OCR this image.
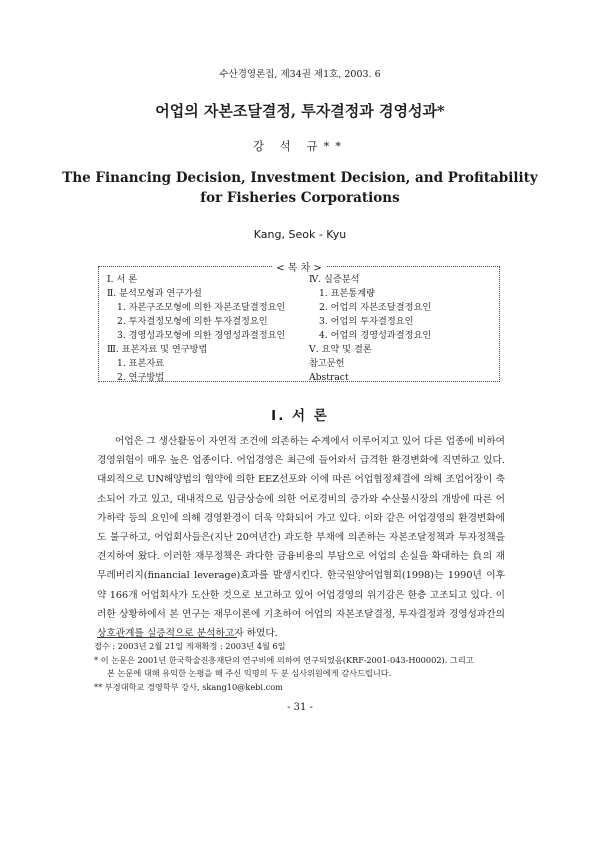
수산경영론집, 제34권 제1호, 2003. 6
어업의 자본조달결정, 투자결정과 경영성과*
강 석 규**
The Financing Decision, Investment Decision, and Profitability
for Fisheries Corporations
Kang, Seok - Kyu
< 목 차 >
Ⅰ. 서 론
Ⅱ. 분석모형과 연구가설
1. 자본구조모형에 의한 자본조달결정요인
2. 투자결정모형에 의한 투자결정요인
3. 경영성과모형에 의한 경영성과결정요인
Ⅲ. 표본자료 및 연구방법
1. 표본자료
2. 연구방법
Ⅳ. 실증분석
1. 표본통계량
2. 어업의 자본조달결정요인
3. 어업의 투자결정요인
4. 어업의 경영성과결정요인
Ⅴ. 요약 및 결론
참고문헌
Abstract
Ⅰ. 서 론
어업은 그 생산활동이 자연적 조건에 의존하는 수계에서 이루어지고 있어 다른 업종에 비하여 경영위험이 매우 높은 업종이다. 어업경영은 최근에 들어와서 급격한 환경변화에 직면하고 있다. 대외적으로 UN해양법의 협약에 의한 EEZ선포와 이에 따른 어업협정체결에 의해 조업어장이 축소되어 가고 있고, 대내적으로 임금상승에 의한 어로경비의 증가와 수산물시장의 개방에 따른 어가하락 등의 요인에 의해 경영환경이 더욱 악화되어 가고 있다. 이와 같은 어업경영의 환경변화에도 불구하고, 어업회사들은(지난 20여년간) 과도한 부채에 의존하는 자본조달정책과 투자정책을 견지하여 왔다. 이러한 재무정책은 과다한 금융비용의 부담으로 어업의 손실을 확대하는 負의 재무레버리지(financial leverage)효과를 발생시킨다. 한국원양어업협회(1998)는 1990년 이후 약 166개 어업회사가 도산한 것으로 보고하고 있어 어업경영의 위기감은 한층 고조되고 있다. 이러한 상황하에서 본 연구는 재무이론에 기초하여 어업의 자본조달결정, 투자결정과 경영성과간의 상호관계를 실증적으로 분석하고자 하였다.
접수 : 2003년 2월 21일 게재확정 : 2003년 4월 6일
* 이 논문은 2001년 한국학술진흥재단의 연구비에 의하여 연구되었음(KRF-2001-043-H00002). 그리고
본 논문에 대해 유익한 논평을 해 주신 익명의 두 분 심사위원에게 감사드립니다.
** 부경대학교 경영학부 강사, skang10@kebi.com
- 31 -
